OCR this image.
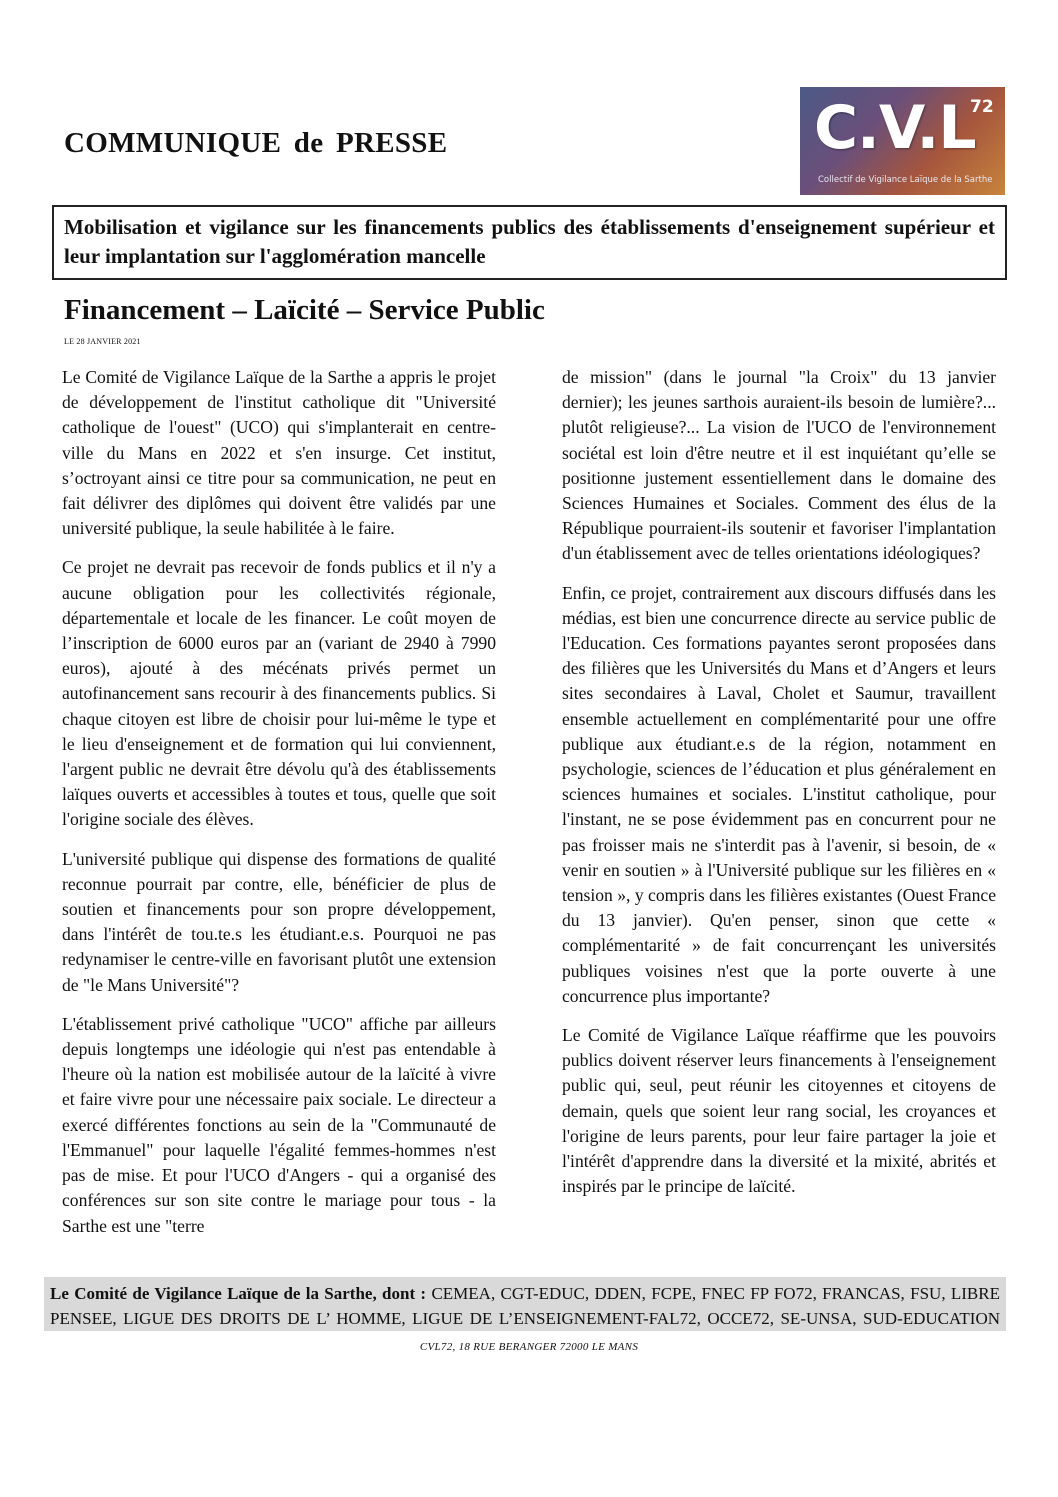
COMMUNIQUE de PRESSE	C.V.L
72
Collectif de Vigilance Laïque de la Sarthe
Mobilisation et vigilance sur les financements publics des établissements d'enseignement supérieur et leur implantation sur l'agglomération mancelle
Financement – Laïcité – Service Public
LE 28 JANVIER 2021

Le Comité de Vigilance Laïque de la Sarthe a appris le projet de développement de l'institut catholique dit "Université catholique de l'ouest" (UCO) qui s'implanterait en centre-ville du Mans en 2022 et s'en insurge. Cet institut, s’octroyant ainsi ce titre pour sa communication, ne peut en fait délivrer des diplômes qui doivent être validés par une université publique, la seule habilitée à le faire.

Ce projet ne devrait pas recevoir de fonds publics et il n'y a aucune obligation pour les collectivités régionale, départementale et locale de les financer. Le coût moyen de l’inscription de 6000 euros par an (variant de 2940 à 7990 euros), ajouté à des mécénats privés permet un autofinancement sans recourir à des financements publics. Si chaque citoyen est libre de choisir pour lui-même le type et le lieu d'enseignement et de formation qui lui conviennent, l'argent public ne devrait être dévolu qu'à des établissements laïques ouverts et accessibles à toutes et tous, quelle que soit l'origine sociale des élèves.

L'université publique qui dispense des formations de qualité reconnue pourrait par contre, elle, bénéficier de plus de soutien et financements pour son propre développement, dans l'intérêt de tou.te.s les étudiant.e.s. Pourquoi ne pas redynamiser le centre-ville en favorisant plutôt une extension de "le Mans Université"?

L'établissement privé catholique "UCO" affiche par ailleurs depuis longtemps une idéologie qui n'est pas entendable à l'heure où la nation est mobilisée autour de la laïcité à vivre et faire vivre pour une nécessaire paix sociale. Le directeur a exercé différentes fonctions au sein de la "Communauté de l'Emmanuel" pour laquelle l'égalité femmes-hommes n'est pas de mise. Et pour l'UCO d'Angers - qui a organisé des conférences sur son site contre le mariage pour tous - la Sarthe est une "terre

de mission" (dans le journal "la Croix" du 13 janvier dernier); les jeunes sarthois auraient-ils besoin de lumière?... plutôt religieuse?... La vision de l'UCO de l'environnement sociétal est loin d'être neutre et il est inquiétant qu’elle se positionne justement essentiellement dans le domaine des Sciences Humaines et Sociales. Comment des élus de la République pourraient-ils soutenir et favoriser l'implantation d'un établissement avec de telles orientations idéologiques?

Enfin, ce projet, contrairement aux discours diffusés dans les médias, est bien une concurrence directe au service public de l'Education. Ces formations payantes seront proposées dans des filières que les Universités du Mans et d’Angers et leurs sites secondaires à Laval, Cholet et Saumur, travaillent ensemble actuellement en complémentarité pour une offre publique aux étudiant.e.s de la région, notamment en psychologie, sciences de l’éducation et plus généralement en sciences humaines et sociales. L'institut catholique, pour l'instant, ne se pose évidemment pas en concurrent pour ne pas froisser mais ne s'interdit pas à l'avenir, si besoin, de « venir en soutien » à l'Université publique sur les filières en « tension », y compris dans les filières existantes (Ouest France du 13 janvier). Qu'en penser, sinon que cette « complémentarité » de fait concurrençant les universités publiques voisines n'est que la porte ouverte à une concurrence plus importante?

Le Comité de Vigilance Laïque réaffirme que les pouvoirs publics doivent réserver leurs financements à l'enseignement public qui, seul, peut réunir les citoyennes et citoyens de demain, quels que soient leur rang social, les croyances et l'origine de leurs parents, pour leur faire partager la joie et l'intérêt d'apprendre dans la diversité et la mixité, abrités et inspirés par le principe de laïcité.

Le Comité de Vigilance Laïque de la Sarthe, dont : CEMEA, CGT-EDUC, DDEN, FCPE, FNEC FP FO72, FRANCAS, FSU, LIBRE PENSEE, LIGUE DES DROITS DE L’ HOMME, LIGUE DE L’ENSEIGNEMENT-FAL72, OCCE72, SE-UNSA, SUD-EDUCATION
CVL72, 18 RUE BERANGER 72000 LE MANS
